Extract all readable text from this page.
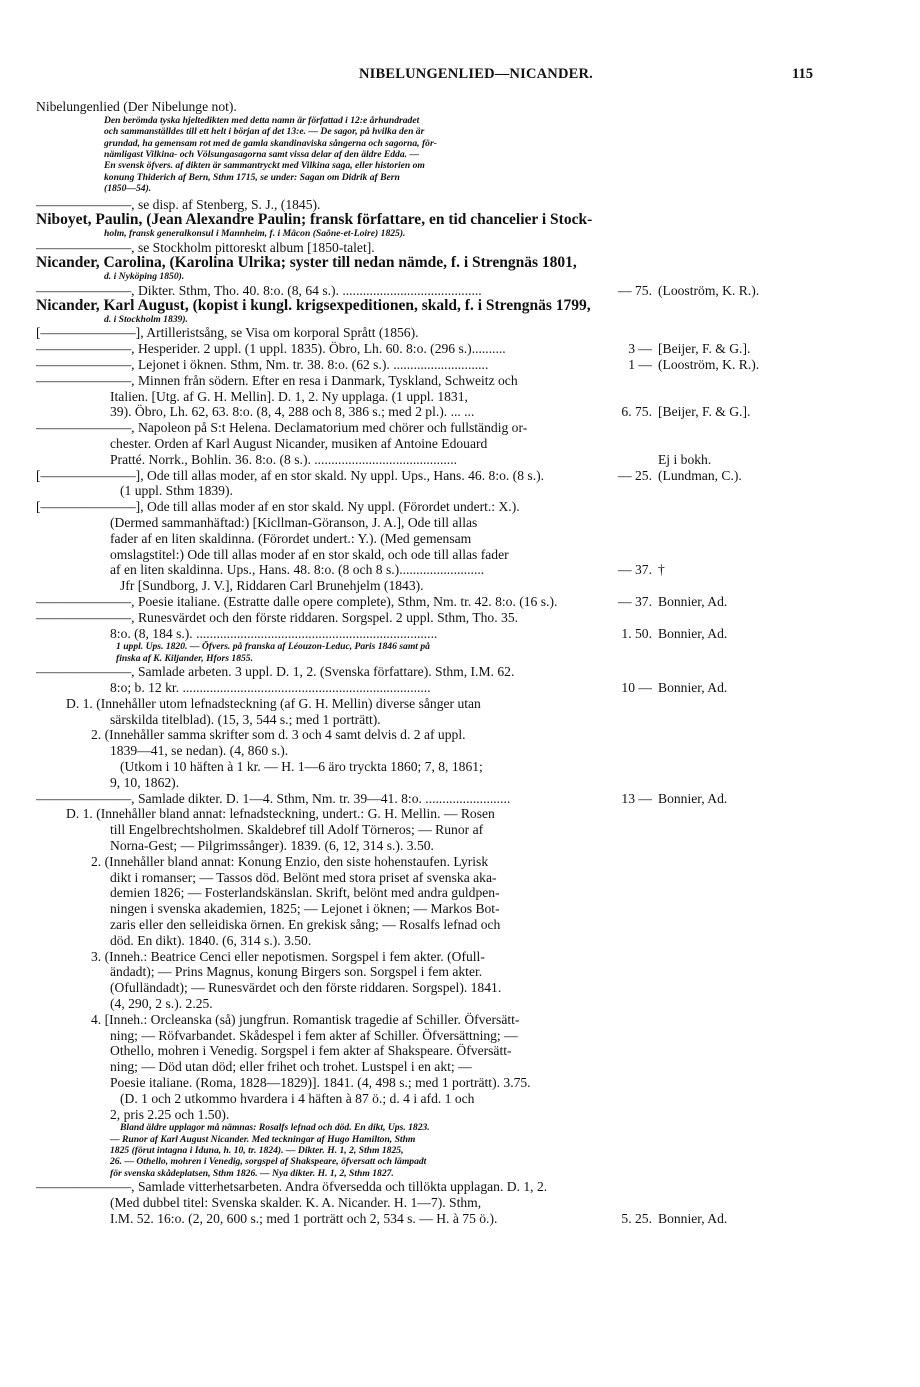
NIBELUNGENLIED—NICANDER.	115
Nibelungenlied (Der Nibelunge not).
Den berömda tyska hjeltedikten med detta namn är författad i 12:e århundradet
och sammanställdes till ett helt i början af det 13:e. — De sagor, på hvilka den är
grundad, ha gemensam rot med de gamla skandinaviska sångerna och sagorna, för-
nämligast Vilkina- och Völsungasagorna samt vissa delar af den äldre Edda. —
En svensk öfvers. af dikten är sammantryckt med Vilkina saga, eller historien om
konung Thiderich af Bern, Sthm 1715, se under: Sagan om Didrik af Bern
(1850—54).
———————, se disp. af Stenberg, S. J., (1845).
Niboyet, Paulin, (Jean Alexandre Paulin; fransk författare, en tid chancelier i Stock-
holm, fransk generalkonsul i Mannheim, f. i Mâcon (Saône-et-Loire) 1825).
———————, se Stockholm pittoreskt album [1850-talet].
Nicander, Carolina, (Karolina Ulrika; syster till nedan nämde, f. i Strengnäs 1801,
d. i Nyköping 1850).
———————, Dikter. Sthm, Tho. 40. 8:o. (8, 64 s.). .........................................	— 75. (Looström, K. R.).
Nicander, Karl August, (kopist i kungl. krigsexpeditionen, skald, f. i Strengnäs 1799,
d. i Stockholm 1839).
[———————], Artilleristsång, se Visa om korporal Sprått (1856).
———————, Hesperider. 2 uppl. (1 uppl. 1835). Öbro, Lh. 60. 8:o. (296 s.)..........	3 — [Beijer, F. & G.].
———————, Lejonet i öknen. Sthm, Nm. tr. 38. 8:o. (62 s.). ............................	1 — (Looström, K. R.).
———————, Minnen från södern. Efter en resa i Danmark, Tyskland, Schweitz och
Italien. [Utg. af G. H. Mellin]. D. 1, 2. Ny upplaga. (1 uppl. 1831,
39). Öbro, Lh. 62, 63. 8:o. (8, 4, 288 och 8, 386 s.; med 2 pl.). ... ...	6. 75. [Beijer, F. & G.].
———————, Napoleon på S:t Helena. Declamatorium med chörer och fullständig or-
chester. Orden af Karl August Nicander, musiken af Antoine Edouard
Pratté. Norrk., Bohlin. 36. 8:o. (8 s.). ..........................................	Ej i bokh.
[———————], Ode till allas moder, af en stor skald. Ny uppl. Ups., Hans. 46. 8:o. (8 s.).	— 25. (Lundman, C.).
(1 uppl. Sthm 1839).
[———————], Ode till allas moder af en stor skald. Ny uppl. (Förordet undert.: X.).
(Dermed sammanhäftad:) [Kicllman-Göranson, J. A.], Ode till allas
fader af en liten skaldinna. (Förordet undert.: Y.). (Med gemensam
omslagstitel:) Ode till allas moder af en stor skald, och ode till allas fader
af en liten skaldinna. Ups., Hans. 48. 8:o. (8 och 8 s.).........................	— 37. †
Jfr [Sundborg, J. V.], Riddaren Carl Brunehjelm (1843).
———————, Poesie italiane. (Estratte dalle opere complete), Sthm, Nm. tr. 42. 8:o. (16 s.).	— 37. Bonnier, Ad.
———————, Runesvärdet och den förste riddaren. Sorgspel. 2 uppl. Sthm, Tho. 35.
8:o. (8, 184 s.). .......................................................................	1. 50. Bonnier, Ad.
1 uppl. Ups. 1820. — Öfvers. på franska af Léouzon-Leduc, Paris 1846 samt på
finska af K. Kiljander, Hfors 1855.
———————, Samlade arbeten. 3 uppl. D. 1, 2. (Svenska författare). Sthm, I.M. 62.
8:o; b. 12 kr. .........................................................................	10 — Bonnier, Ad.
D. 1. (Innehåller utom lefnadsteckning (af G. H. Mellin) diverse sånger utan
särskilda titelblad). (15, 3, 544 s.; med 1 porträtt).
2. (Innehåller samma skrifter som d. 3 och 4 samt delvis d. 2 af uppl.
1839—41, se nedan). (4, 860 s.).
(Utkom i 10 häften à 1 kr. — H. 1—6 äro tryckta 1860; 7, 8, 1861;
9, 10, 1862).
———————, Samlade dikter. D. 1—4. Sthm, Nm. tr. 39—41. 8:o. .........................	13 — Bonnier, Ad.
D. 1. (Innehåller bland annat: lefnadsteckning, undert.: G. H. Mellin. — Rosen
till Engelbrechtsholmen. Skaldebref till Adolf Törneros; — Runor af
Norna-Gest; — Pilgrimssånger). 1839. (6, 12, 314 s.). 3.50.
2. (Innehåller bland annat: Konung Enzio, den siste hohenstaufen. Lyrisk
dikt i romanser; — Tassos död. Belönt med stora priset af svenska aka-
demien 1826; — Fosterlandskänslan. Skrift, belönt med andra guldpen-
ningen i svenska akademien, 1825; — Lejonet i öknen; — Markos Bot-
zaris eller den selleidiska örnen. En grekisk sång; — Rosalfs lefnad och
död. En dikt). 1840. (6, 314 s.). 3.50.
3. (Inneh.: Beatrice Cenci eller nepotismen. Sorgspel i fem akter. (Ofull-
ändadt); — Prins Magnus, konung Birgers son. Sorgspel i fem akter.
(Ofulländadt); — Runesvärdet och den förste riddaren. Sorgspel). 1841.
(4, 290, 2 s.). 2.25.
4. [Inneh.: Orcleanska (så) jungfrun. Romantisk tragedie af Schiller. Öfversätt-
ning; — Röfvarbandet. Skådespel i fem akter af Schiller. Öfversättning; —
Othello, mohren i Venedig. Sorgspel i fem akter af Shakspeare. Öfversätt-
ning; — Död utan död; eller frihet och trohet. Lustspel i en akt; —
Poesie italiane. (Roma, 1828—1829)]. 1841. (4, 498 s.; med 1 porträtt). 3.75.
(D. 1 och 2 utkommo hvardera i 4 häften à 87 ö.; d. 4 i afd. 1 och
2, pris 2.25 och 1.50).
Bland äldre upplagor må nämnas: Rosalfs lefnad och död. En dikt, Ups. 1823.
— Runor af Karl August Nicander. Med teckningar af Hugo Hamilton, Sthm
1825 (förut intagna i Iduna, h. 10, tr. 1824). — Dikter. H. 1, 2, Sthm 1825,
26. — Othello, mohren i Venedig, sorgspel af Shakspeare, öfversatt och lämpadt
för svenska skådeplatsen, Sthm 1826. — Nya dikter. H. 1, 2, Sthm 1827.
———————, Samlade vitterhetsarbeten. Andra öfversedda och tillökta upplagan. D. 1, 2.
(Med dubbel titel: Svenska skalder. K. A. Nicander. H. 1—7). Sthm,
I.M. 52. 16:o. (2, 20, 600 s.; med 1 porträtt och 2, 534 s. — H. à 75 ö.).	5. 25. Bonnier, Ad.
